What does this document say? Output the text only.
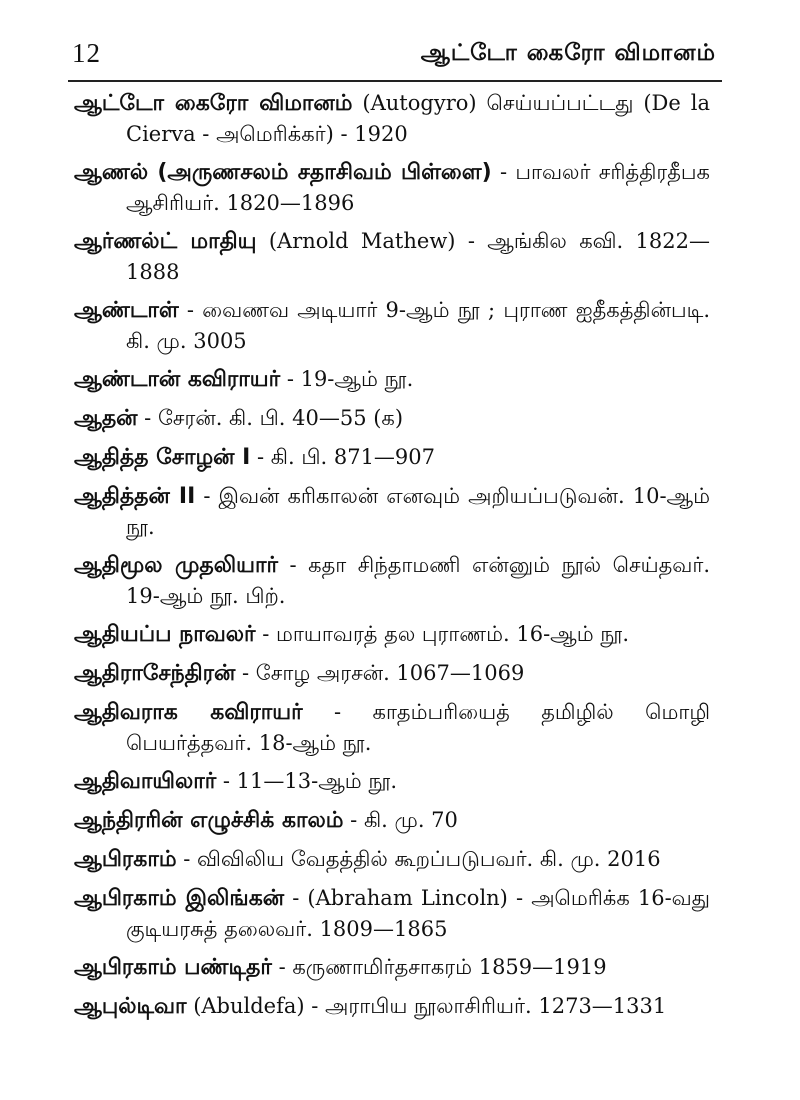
12	ஆட்டோ கைரோ விமானம்

ஆட்டோ கைரோ விமானம் (Autogyro) செய்யப்பட்டது (De la Cierva - அமெரிக்கர்) - 1920

ஆணல் (அருணசலம் சதாசிவம் பிள்ளை) - பாவலர் சரித்திரதீபக ஆசிரியர். 1820—1896

ஆர்ணல்ட் மாதியு (Arnold Mathew) - ஆங்கில கவி. 1822—1888

ஆண்டாள் - வைணவ அடியார் 9-ஆம் நூ ; புராண ஐதீகத்தின்படி. கி. மு. 3005

ஆண்டான் கவிராயர் - 19-ஆம் நூ.

ஆதன் - சேரன். கி. பி. 40—55 (க)

ஆதித்த சோழன் I - கி. பி. 871—907

ஆதித்தன் II - இவன் கரிகாலன் எனவும் அறியப்படுவன். 10-ஆம் நூ.

ஆதிமூல முதலியார் - கதா சிந்தாமணி என்னும் நூல் செய்தவர். 19-ஆம் நூ. பிற்.

ஆதியப்ப நாவலர் - மாயாவரத் தல புராணம். 16-ஆம் நூ.

ஆதிராசேந்திரன் - சோழ அரசன். 1067—1069

ஆதிவராக கவிராயர் - காதம்பரியைத் தமிழில் மொழி பெயர்த்தவர். 18-ஆம் நூ.

ஆதிவாயிலார் - 11—13-ஆம் நூ.

ஆந்திரரின் எழுச்சிக் காலம் - கி. மு. 70

ஆபிரகாம் - விவிலிய வேதத்தில் கூறப்படுபவர். கி. மு. 2016

ஆபிரகாம் இலிங்கன் - (Abraham Lincoln) - அமெரிக்க 16-வது குடியரசுத் தலைவர். 1809—1865

ஆபிரகாம் பண்டிதர் - கருணாமிர்தசாகரம் 1859—1919

ஆபுல்டிவா (Abuldefa) - அராபிய நூலாசிரியர். 1273—1331
